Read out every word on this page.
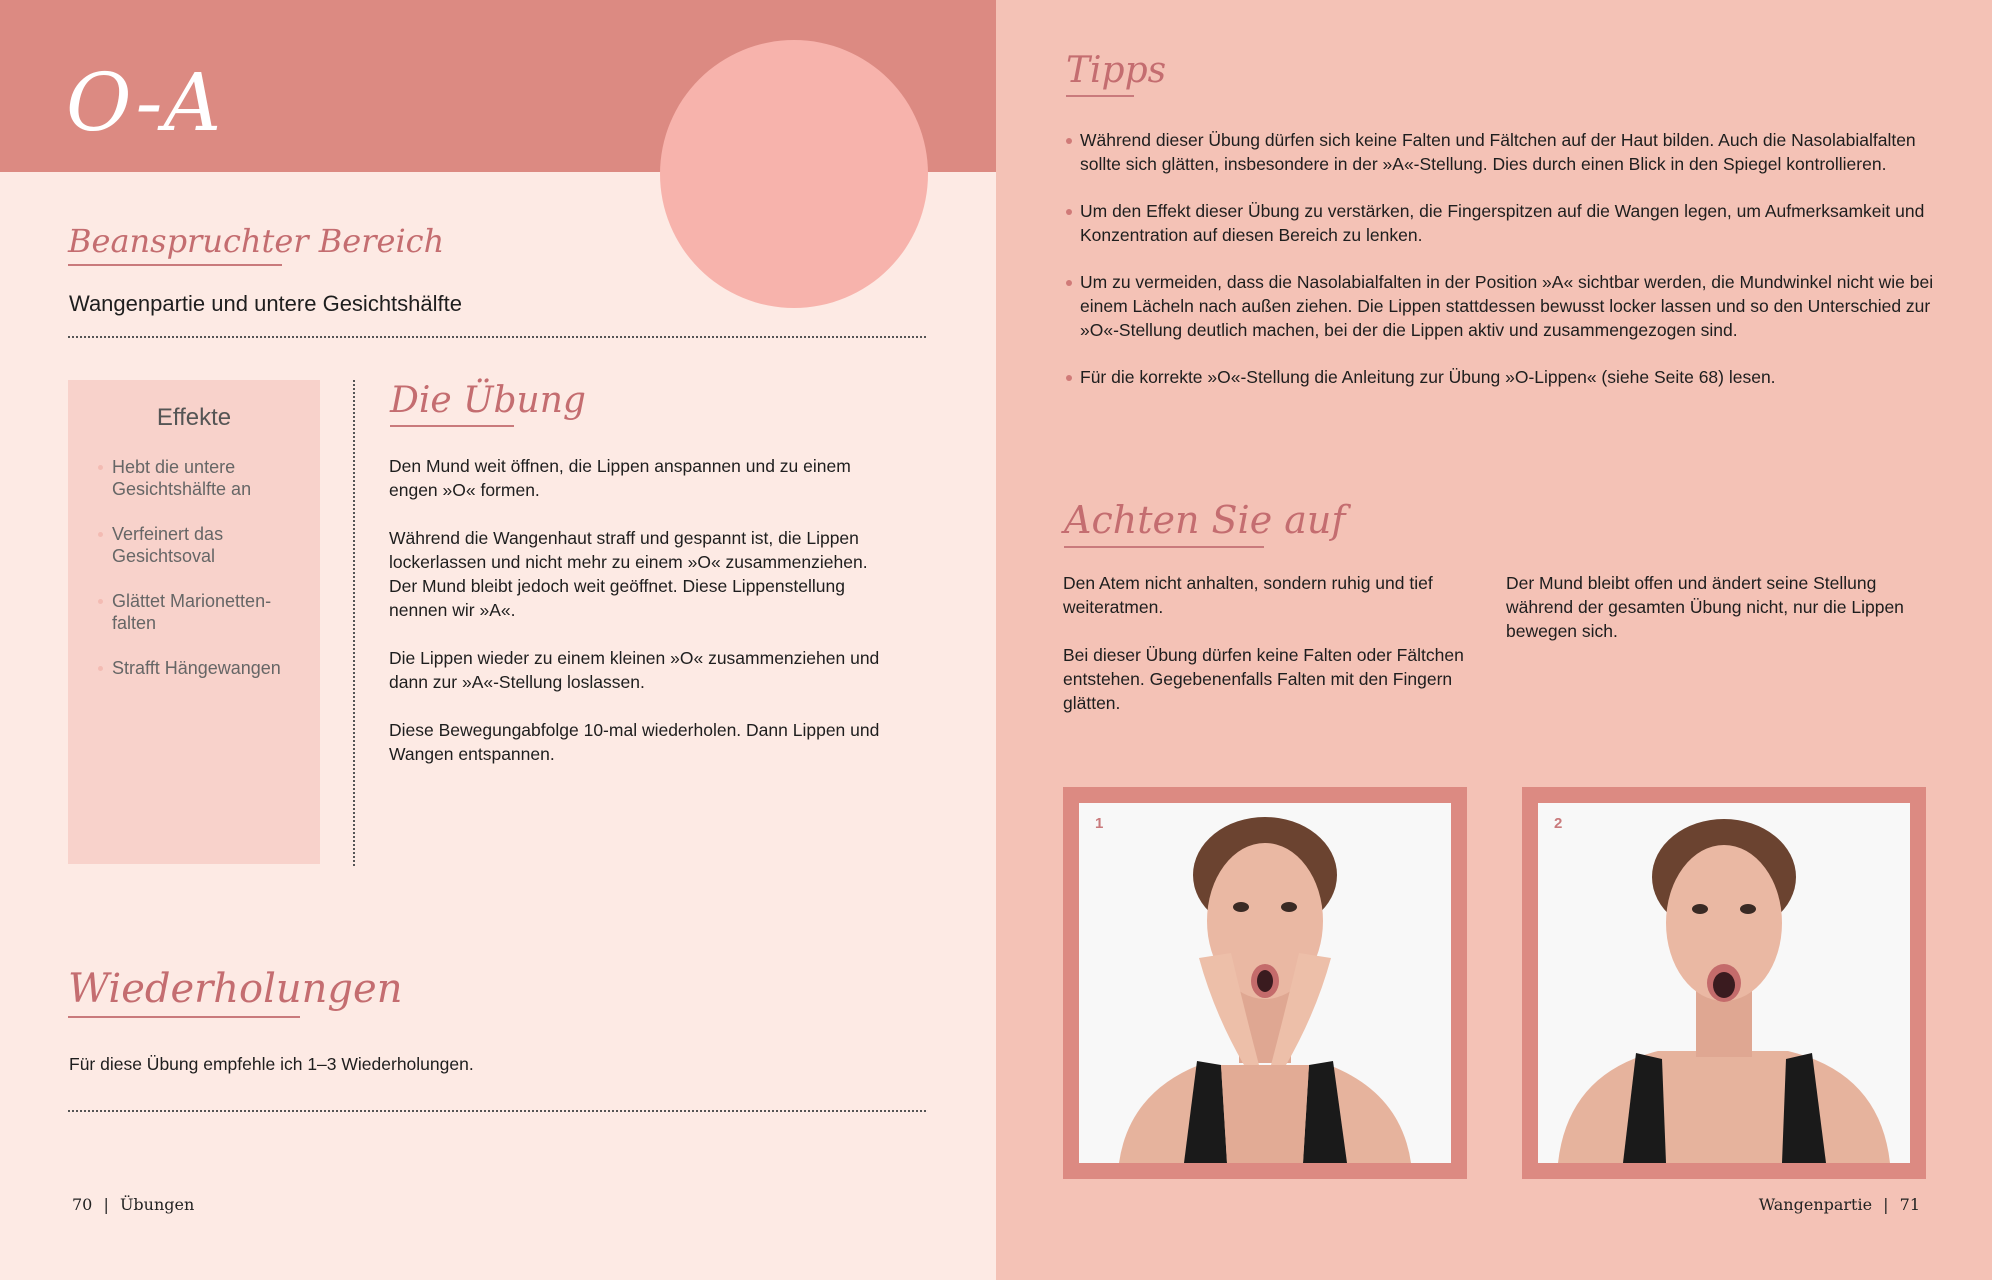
O-A
Beanspruchter Bereich
Wangenpartie und untere Gesichtshälfte
Effekte
Hebt die untere Gesichtshälfte an
Verfeinert das Gesichtsoval
Glättet Marionetten-falten
Strafft Hängewangen
Die Übung

Den Mund weit öffnen, die Lippen anspannen und zu einem engen »O« formen.

Während die Wangenhaut straff und gespannt ist, die Lippen lockerlassen und nicht mehr zu einem »O« zusammenziehen. Der Mund bleibt jedoch weit geöffnet. Diese Lippenstellung nennen wir »A«.

Die Lippen wieder zu einem kleinen »O« zusammenziehen und dann zur »A«-Stellung loslassen.

Diese Bewegungabfolge 10-mal wiederholen. Dann Lippen und Wangen entspannen.

Wiederholungen
Für diese Übung empfehle ich 1–3 Wiederholungen.
70 | Übungen
Tipps
Während dieser Übung dürfen sich keine Falten und Fältchen auf der Haut bilden. Auch die Nasolabialfalten sollte sich glätten, insbesondere in der »A«-Stellung. Dies durch einen Blick in den Spiegel kontrollieren.
Um den Effekt dieser Übung zu verstärken, die Fingerspitzen auf die Wangen legen, um Aufmerksamkeit und Konzentration auf diesen Bereich zu lenken.
Um zu vermeiden, dass die Nasolabialfalten in der Position »A« sichtbar werden, die Mundwinkel nicht wie bei einem Lächeln nach außen ziehen. Die Lippen stattdessen bewusst locker lassen und so den Unterschied zur »O«-Stellung deutlich machen, bei der die Lippen aktiv und zusammengezogen sind.
Für die korrekte »O«-Stellung die Anleitung zur Übung »O-Lippen« (siehe Seite 68) lesen.
Achten Sie auf

Den Atem nicht anhalten, sondern ruhig und tief weiteratmen.

Bei dieser Übung dürfen keine Falten oder Fältchen entstehen. Gegebenenfalls Falten mit den Fingern glätten.

Der Mund bleibt offen und ändert seine Stellung während der gesamten Übung nicht, nur die Lippen bewegen sich.

1	2
Wangenpartie | 71
